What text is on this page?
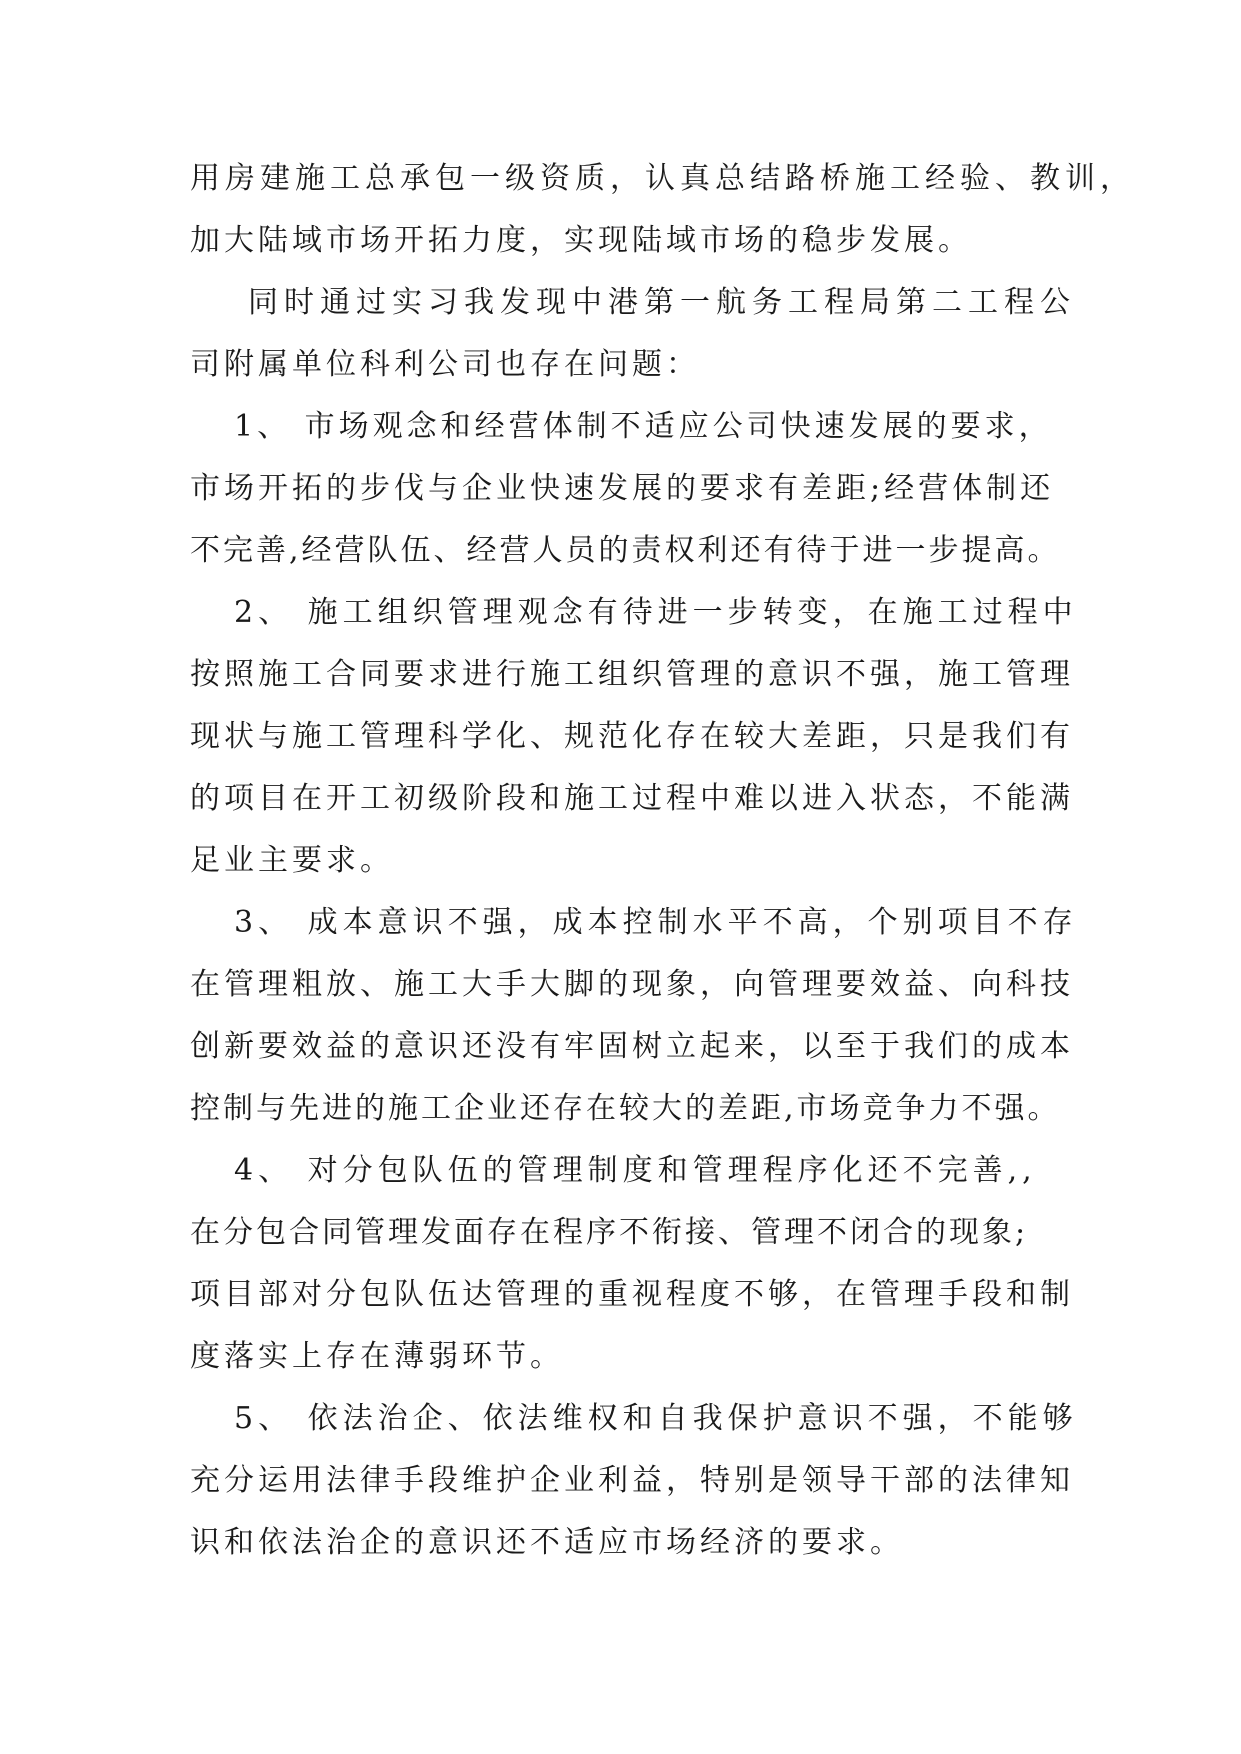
用房建施工总承包一级资质，认真总结路桥施工经验、教训，
加大陆域市场开拓力度，实现陆域市场的稳步发展。
同时通过实习我发现中港第一航务工程局第二工程公
司附属单位科利公司也存在问题：
1、 市场观念和经营体制不适应公司快速发展的要求，
市场开拓的步伐与企业快速发展的要求有差距;经营体制还
不完善,经营队伍、经营人员的责权利还有待于进一步提高。
2、 施工组织管理观念有待进一步转变，在施工过程中
按照施工合同要求进行施工组织管理的意识不强，施工管理
现状与施工管理科学化、规范化存在较大差距，只是我们有
的项目在开工初级阶段和施工过程中难以进入状态，不能满
足业主要求。
3、 成本意识不强，成本控制水平不高，个别项目不存
在管理粗放、施工大手大脚的现象，向管理要效益、向科技
创新要效益的意识还没有牢固树立起来，以至于我们的成本
控制与先进的施工企业还存在较大的差距,市场竞争力不强。
4、 对分包队伍的管理制度和管理程序化还不完善,,
在分包合同管理发面存在程序不衔接、管理不闭合的现象;
项目部对分包队伍达管理的重视程度不够，在管理手段和制
度落实上存在薄弱环节。
5、 依法治企、依法维权和自我保护意识不强，不能够
充分运用法律手段维护企业利益，特别是领导干部的法律知
识和依法治企的意识还不适应市场经济的要求。
